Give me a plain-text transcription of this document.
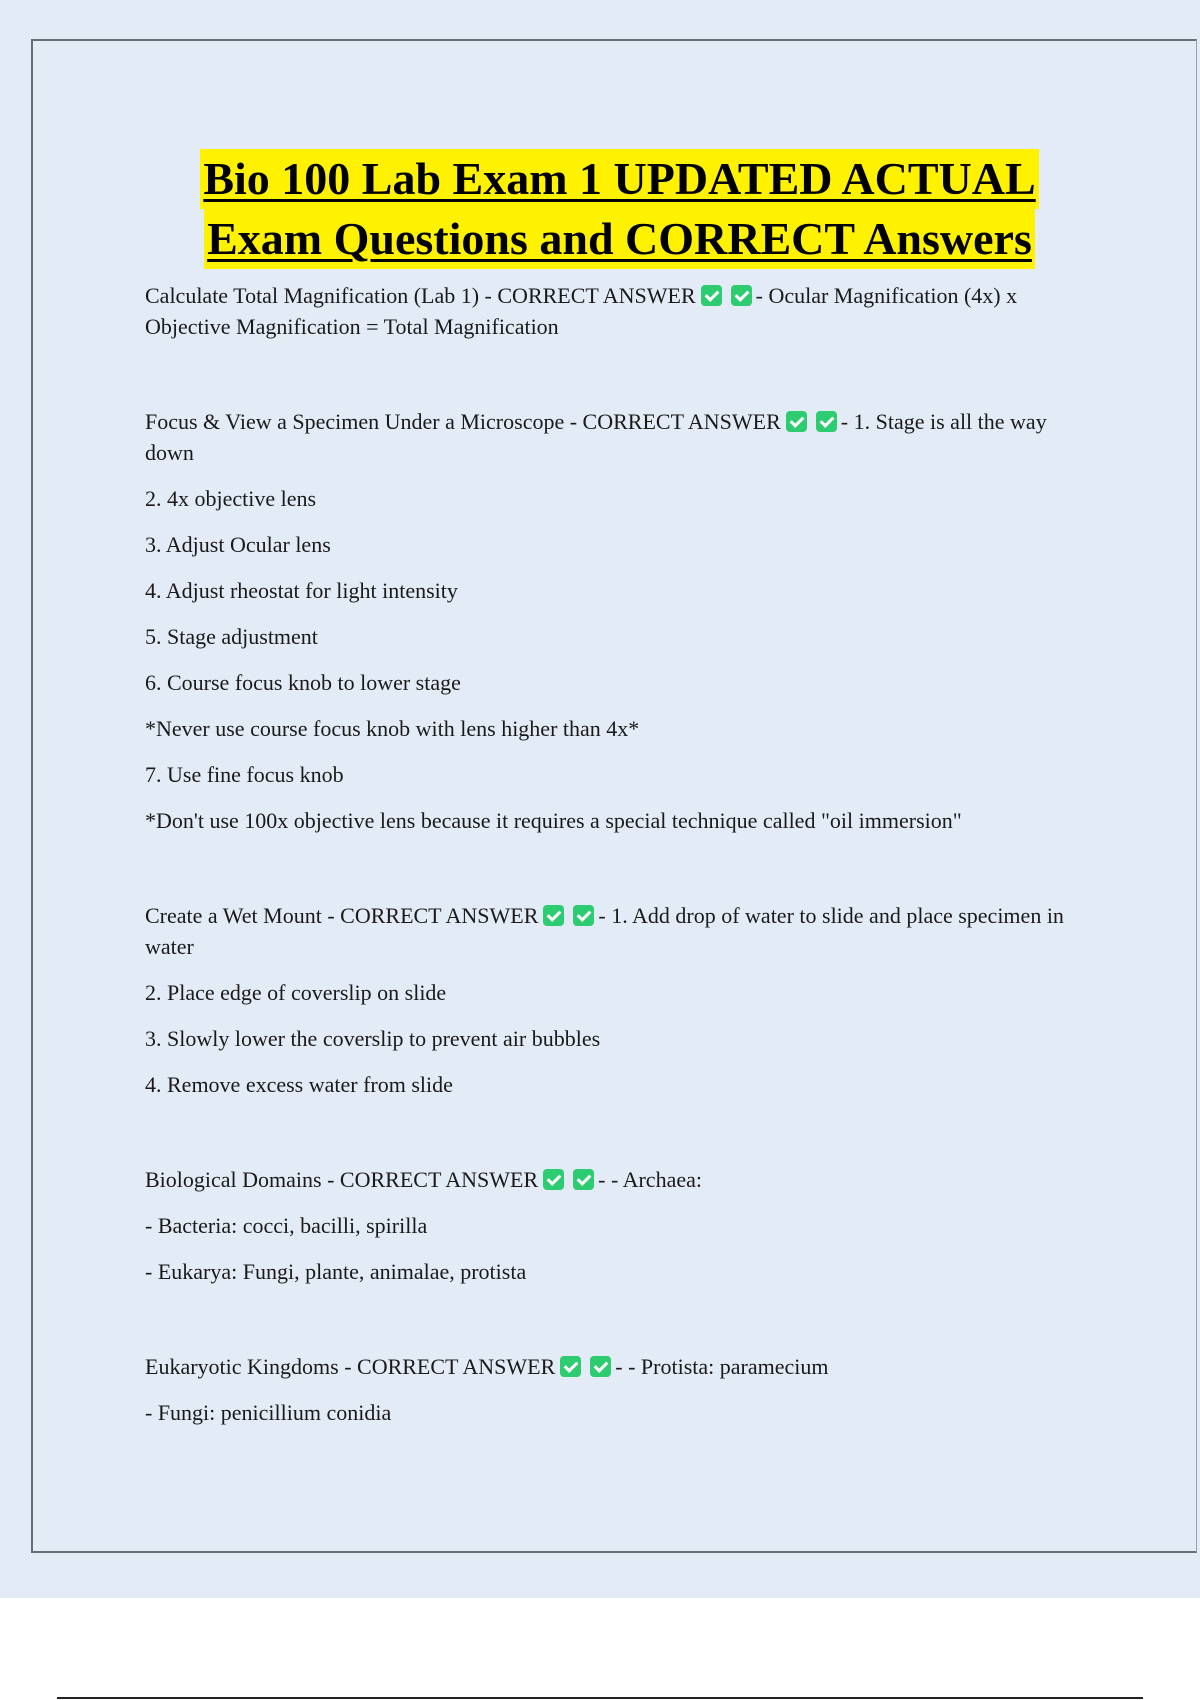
Bio 100 Lab Exam 1 UPDATED ACTUAL
Exam Questions and CORRECT Answers
Calculate Total Magnification (Lab 1) - CORRECT ANSWER	- Ocular Magnification (4x) x Objective Magnification = Total Magnification
Focus & View a Specimen Under a Microscope - CORRECT ANSWER	- 1. Stage is all the way down
2. 4x objective lens
3. Adjust Ocular lens
4. Adjust rheostat for light intensity
5. Stage adjustment
6. Course focus knob to lower stage
*Never use course focus knob with lens higher than 4x*
7. Use fine focus knob
*Don't use 100x objective lens because it requires a special technique called "oil immersion"
Create a Wet Mount - CORRECT ANSWER	- 1. Add drop of water to slide and place specimen in water
2. Place edge of coverslip on slide
3. Slowly lower the coverslip to prevent air bubbles
4. Remove excess water from slide
Biological Domains - CORRECT ANSWER	- - Archaea:
- Bacteria: cocci, bacilli, spirilla
- Eukarya: Fungi, plante, animalae, protista
Eukaryotic Kingdoms - CORRECT ANSWER	- - Protista: paramecium
- Fungi: penicillium conidia
